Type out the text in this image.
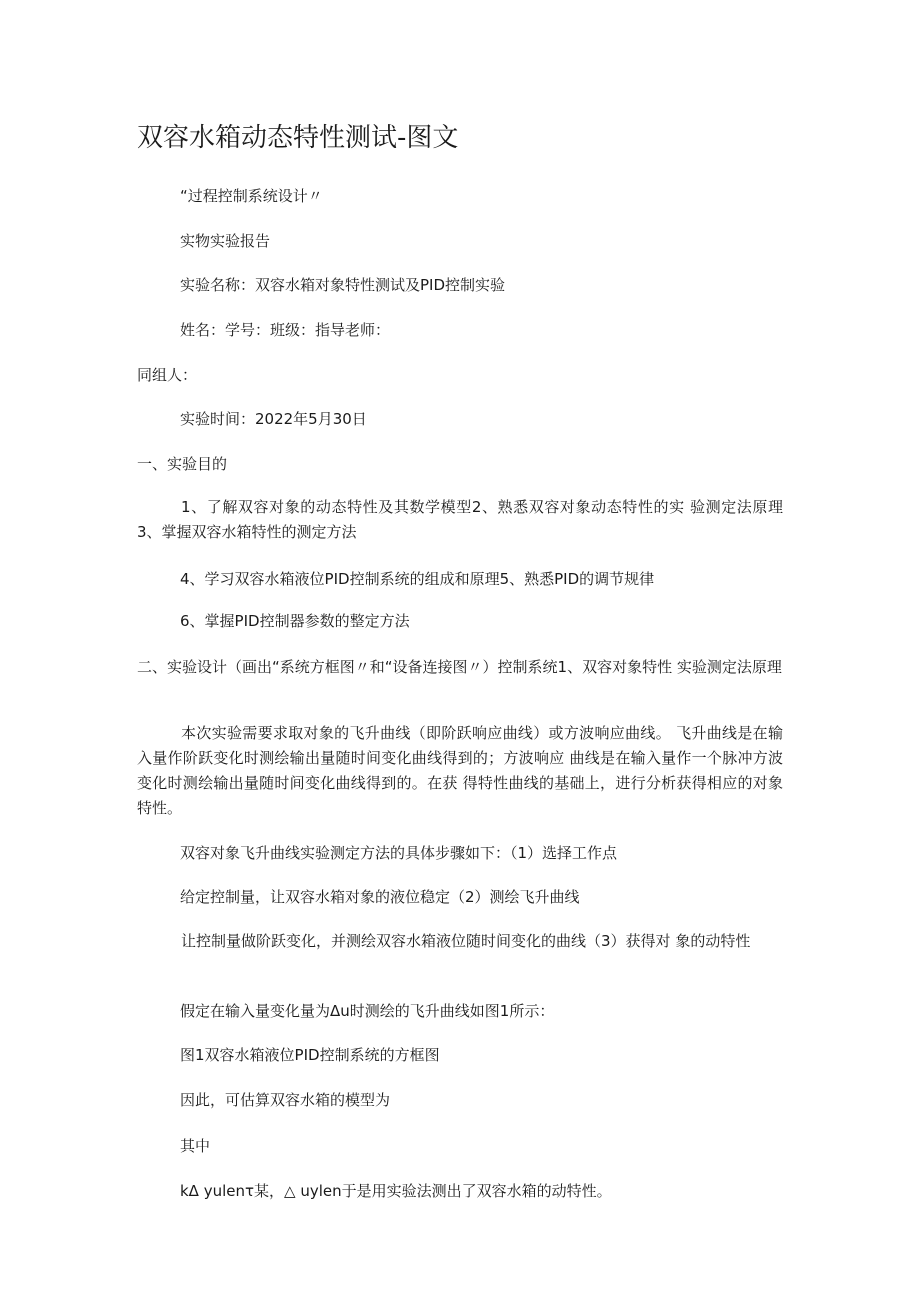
双容水箱动态特性测试-图文

“过程控制系统设计〃

实物实验报告

实验名称：双容水箱对象特性测试及PID控制实验

姓名：学号：班级：指导老师：

同组人：

实验时间：2022年5月30日

一、实验目的

1、了解双容对象的动态特性及其数学模型2、熟悉双容对象动态特性的实 验测定法原理3、掌握双容水箱特性的测定方法

4、学习双容水箱液位PID控制系统的组成和原理5、熟悉PID的调节规律

6、掌握PID控制器参数的整定方法

二、实验设计（画出“系统方框图〃和“设备连接图〃）控制系统1、双容对象特性 实验测定法原理

本次实验需要求取对象的飞升曲线（即阶跃响应曲线）或方波响应曲线。 飞升曲线是在输入量作阶跃变化时测绘输出量随时间变化曲线得到的；方波响应 曲线是在输入量作一个脉冲方波变化时测绘输出量随时间变化曲线得到的。在获 得特性曲线的基础上，进行分析获得相应的对象特性。

双容对象飞升曲线实验测定方法的具体步骤如下：（1）选择工作点

给定控制量，让双容水箱对象的液位稳定（2）测绘飞升曲线

让控制量做阶跃变化，并测绘双容水箱液位随时间变化的曲线（3）获得对 象的动特性

假定在输入量变化量为Δu时测绘的飞升曲线如图1所示：

图1双容水箱液位PID控制系统的方框图

因此，可估算双容水箱的模型为

其中

kΔ yulenτ某，△ uylen于是用实验法测出了双容水箱的动特性。
